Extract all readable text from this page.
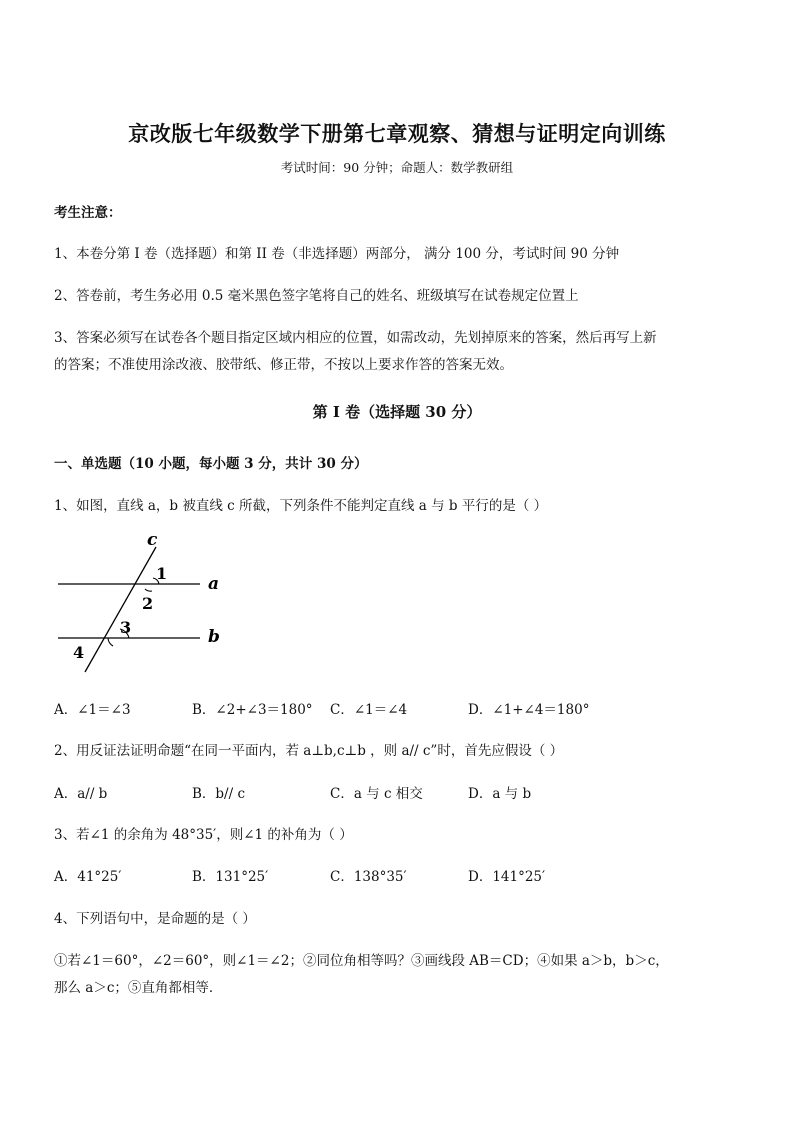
京改版七年级数学下册第七章观察、猜想与证明定向训练
考试时间：90 分钟；命题人：数学教研组
考生注意：
1、本卷分第 I 卷（选择题）和第 II 卷（非选择题）两部分， 满分 100 分，考试时间 90 分钟
2、答卷前，考生务必用 0.5 毫米黑色签字笔将自己的姓名、班级填写在试卷规定位置上
3、答案必须写在试卷各个题目指定区域内相应的位置，如需改动，先划掉原来的答案，然后再写上新
的答案；不准使用涂改液、胶带纸、修正带，不按以上要求作答的答案无效。
第 I 卷（选择题 30 分）
一、单选题（10 小题，每小题 3 分，共计 30 分）
1、如图，直线 a，b 被直线 c 所截，下列条件不能判定直线 a 与 b 平行的是（ ）
c
a
b
1
2
3
4
A．∠1＝∠3	B．∠2+∠3＝180° C．∠1＝∠4	D．∠1+∠4＝180°
2、用反证法证明命题“在同一平面内，若 a⊥b,c⊥b ，则 a// c”时，首先应假设（ ）
A．a// b	B．b// c	C．a 与 c 相交	D．a 与 b
3、若∠1 的余角为 48°35′，则∠1 的补角为（ ）
A．41°25′	B．131°25′	C．138°35′	D．141°25′
4、下列语句中，是命题的是（ ）
①若∠1＝60°，∠2＝60°，则∠1＝∠2；②同位角相等吗？③画线段 AB＝CD；④如果 a＞b，b＞c，
那么 a＞c；⑤直角都相等．
